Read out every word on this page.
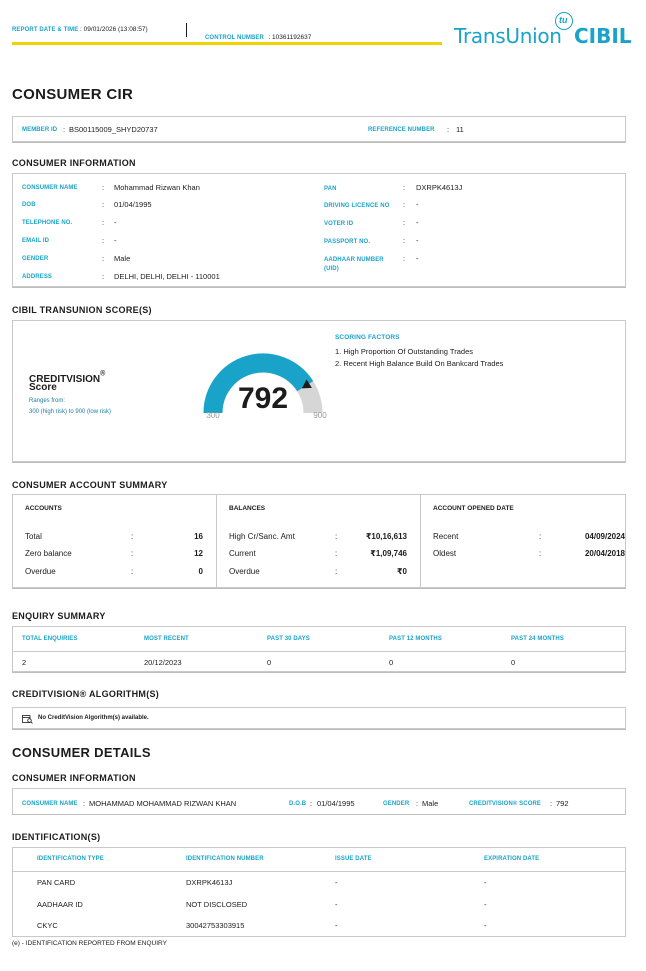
REPORT DATE & TIME : 09/01/2026 (13:08:57)
CONTROL NUMBER : 10361192637	TransUnion
tu
CIBIL
CONSUMER CIR
MEMBER ID : BS00115009_SHYD20737	REFERENCE NUMBER : 11
CONSUMER INFORMATION
CONSUMER NAME	: Mohammad Rizwan Khan
DOB	: 01/04/1995
TELEPHONE NO.	: -
EMAIL ID	: -
GENDER	: Male
ADDRESS	: DELHI, DELHI, DELHI - 110001
PAN	: DXRPK4613J
DRIVING LICENCE NO	: -
VOTER ID	: -
PASSPORT NO.	: -
AADHAAR NUMBER (UID)
: -
CIBIL TRANSUNION SCORE(S)
CREDITVISION®
Score
Ranges from:
300 (high risk) to 900 (low risk)	792
300	900
SCORING FACTORS
1. High Proportion Of Outstanding Trades
2. Recent High Balance Build On Bankcard Trades
CONSUMER ACCOUNT SUMMARY
ACCOUNTS
Total	:	16
Zero balance	:	12
Overdue	:	0
BALANCES
High Cr/Sanc. Amt	:	₹10,16,613
Current	:	₹1,09,746
Overdue	:	₹0
ACCOUNT OPENED DATE
Recent	:	04/09/2024
Oldest	:	20/04/2018
ENQUIRY SUMMARY
TOTAL ENQUIRIES	MOST RECENT	PAST 30 DAYS	PAST 12 MONTHS	PAST 24 MONTHS
2	20/12/2023	0	0	0
CREDITVISION® ALGORITHM(S)
No CreditVision Algorithm(s) available.
CONSUMER DETAILS
CONSUMER INFORMATION
CONSUMER NAME : MOHAMMAD MOHAMMAD RIZWAN KHAN	D.O.B : 01/04/1995	GENDER : Male	CREDITVISION® SCORE : 792
IDENTIFICATION(S)
IDENTIFICATION TYPE	IDENTIFICATION NUMBER	ISSUE DATE	EXPIRATION DATE
PAN CARD	DXRPK4613J	-	-
AADHAAR ID	NOT DISCLOSED	-	-
CKYC	30042753303915	-	-
(e) - IDENTIFICATION REPORTED FROM ENQUIRY
